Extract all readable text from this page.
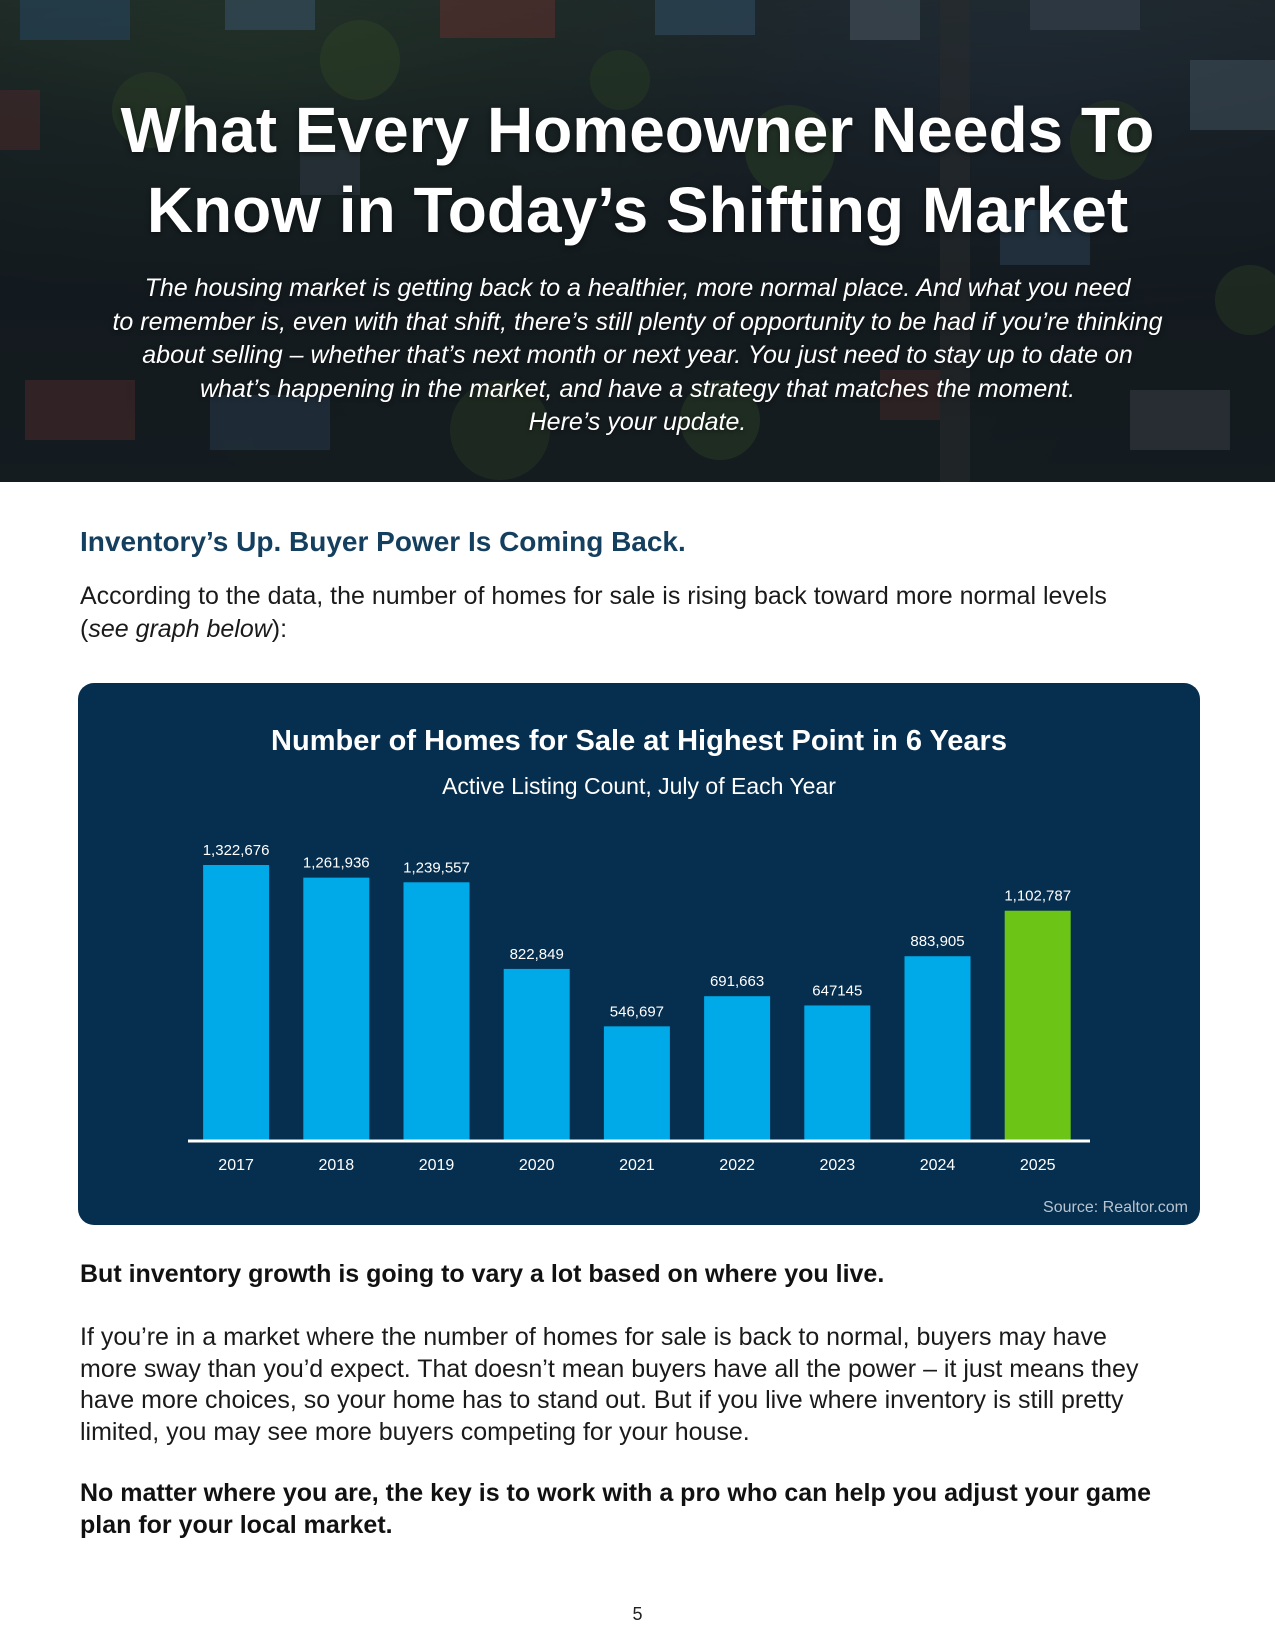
What Every Homeowner Needs To
Know in Today’s Shifting Market

The housing market is getting back to a healthier, more normal place. And what you need
to remember is, even with that shift, there’s still plenty of opportunity to be had if you’re thinking
about selling – whether that’s next month or next year. You just need to stay up to date on
what’s happening in the market, and have a strategy that matches the moment.
Here’s your update.

Inventory’s Up. Buyer Power Is Coming Back.

According to the data, the number of homes for sale is rising back toward more normal levels
(see graph below):

Number of Homes for Sale at Highest Point in 6 Years
Active Listing Count, July of Each Year
1,322,676
2017
1,261,936
2018
1,239,557
2019
822,849
2020
546,697
2021
691,663
2022
647145
2023
883,905
2024
1,102,787
2025
Source: Realtor.com

But inventory growth is going to vary a lot based on where you live.

If you’re in a market where the number of homes for sale is back to normal, buyers may have
more sway than you’d expect. That doesn’t mean buyers have all the power – it just means they
have more choices, so your home has to stand out. But if you live where inventory is still pretty
limited, you may see more buyers competing for your house.

No matter where you are, the key is to work with a pro who can help you adjust your game
plan for your local market.

5
